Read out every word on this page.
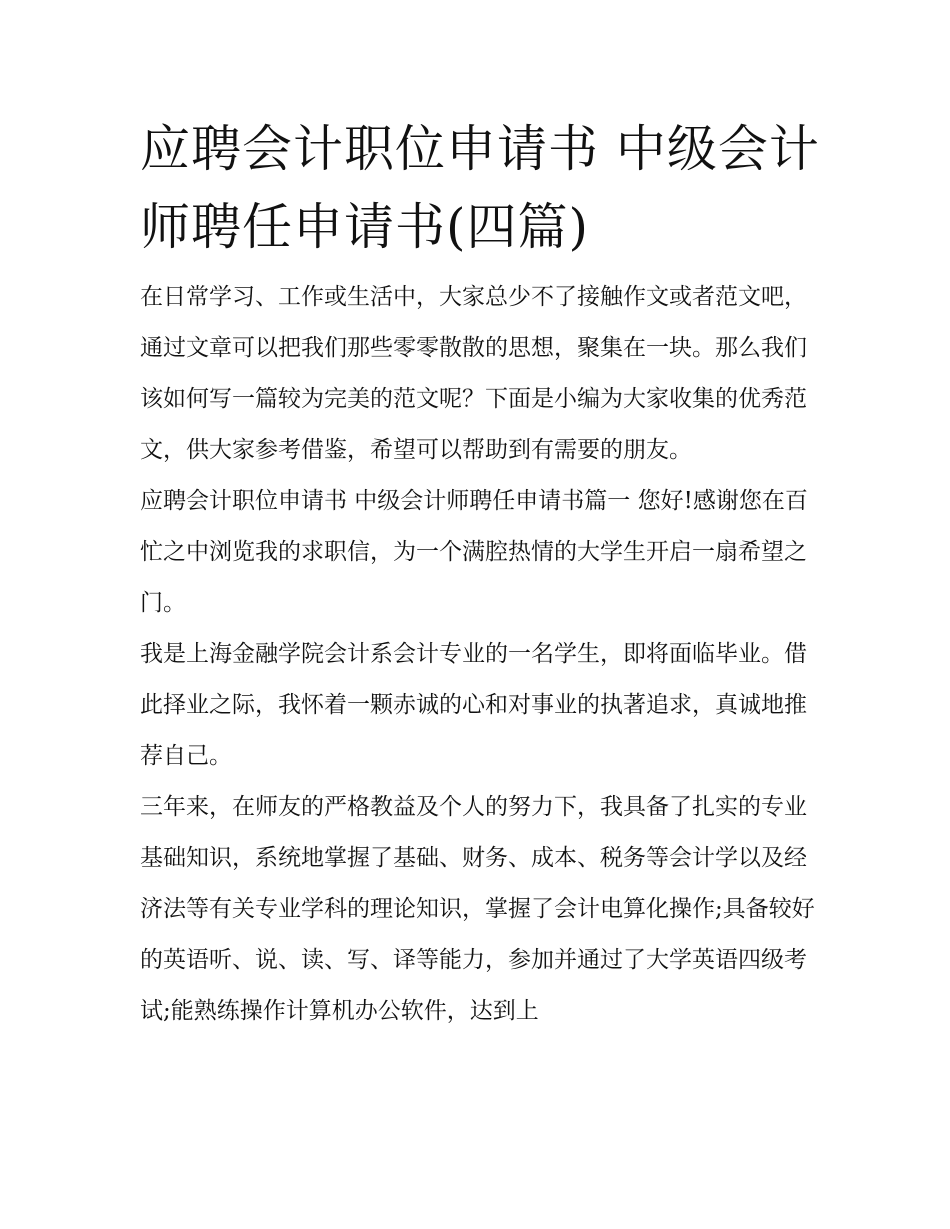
应聘会计职位申请书 中级会计师聘任申请书(四篇)

在日常学习、工作或生活中，大家总少不了接触作文或者范文吧，通过文章可以把我们那些零零散散的思想，聚集在一块。那么我们该如何写一篇较为完美的范文呢？下面是小编为大家收集的优秀范文，供大家参考借鉴，希望可以帮助到有需要的朋友。

应聘会计职位申请书 中级会计师聘任申请书篇一 您好!感谢您在百忙之中浏览我的求职信，为一个满腔热情的大学生开启一扇希望之门。

我是上海金融学院会计系会计专业的一名学生，即将面临毕业。借此择业之际，我怀着一颗赤诚的心和对事业的执著追求，真诚地推荐自己。

三年来，在师友的严格教益及个人的努力下，我具备了扎实的专业基础知识，系统地掌握了基础、财务、成本、税务等会计学以及经济法等有关专业学科的理论知识，掌握了会计电算化操作;具备较好的英语听、说、读、写、译等能力，参加并通过了大学英语四级考试;能熟练操作计算机办公软件，达到上
